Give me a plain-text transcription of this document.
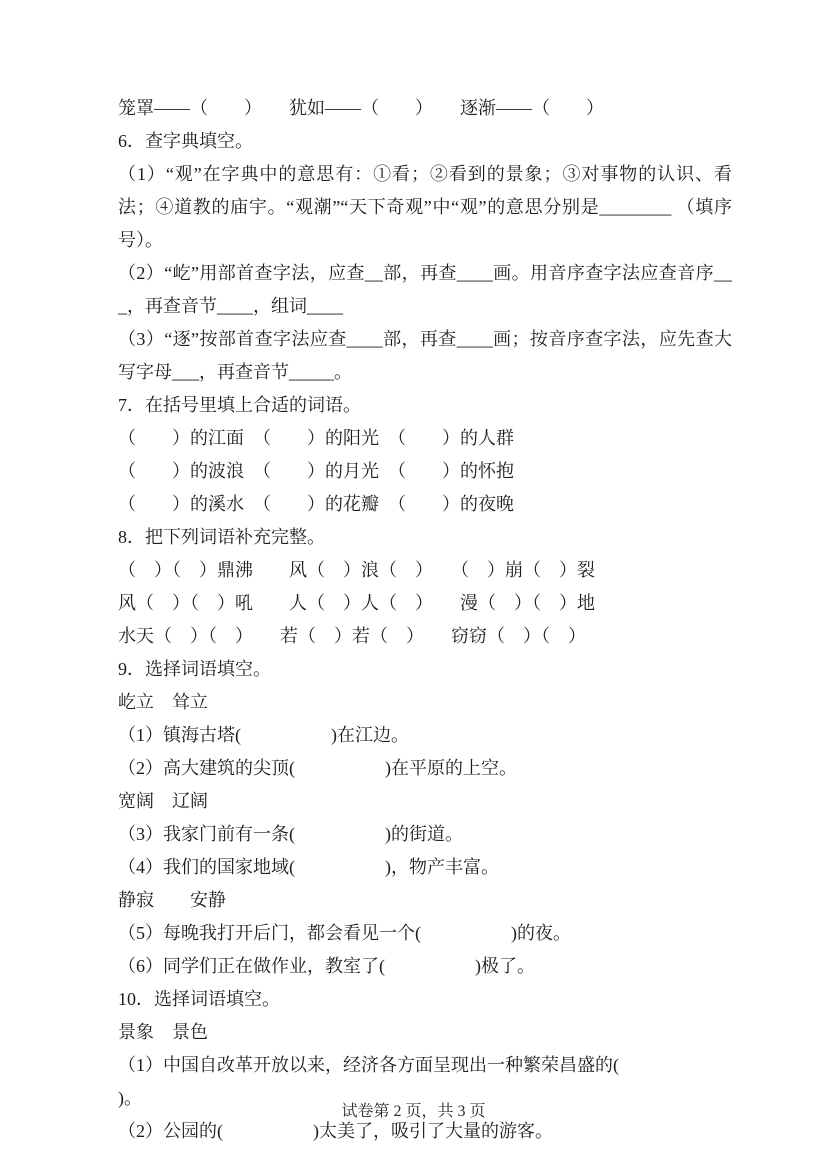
笼罩——（　　）　　犹如——（　　）　　逐渐——（　　）
6．查字典填空。

（1）“观”在字典中的意思有：①看；②看到的景象；③对事物的认识、看法；④道教的庙宇。“观潮”“天下奇观”中“观”的意思分别是________ （填序号）。

（2）“屹”用部首查字法，应查__部，再查____画。用音序查字法应查音序___，再查音节____，组词____

（3）“逐”按部首查字法应查____部，再查____画；按音序查字法，应先查大写字母___，再查音节_____。

7．在括号里填上合适的词语。
（　　）的江面　（　　）的阳光　（　　）的人群
（　　）的波浪　（　　）的月光　（　　）的怀抱
（　　）的溪水　（　　）的花瓣　（　　）的夜晚
8．把下列词语补充完整。
（　）（　）鼎沸　　风（　）浪（　）　　（　）崩（　）裂
风（　）（　）吼　　人（　）人（　）　　漫（　）（　）地
水天（　）（　）　　若（　）若（　）　　窃窃（　）（　）
9．选择词语填空。
屹立　耸立
（1）镇海古塔(　　　　　)在江边。
（2）高大建筑的尖顶(　　　　　)在平原的上空。
宽阔　辽阔
（3）我家门前有一条(　　　　　)的街道。
（4）我们的国家地域(　　　　　)，物产丰富。
静寂　　安静
（5）每晚我打开后门，都会看见一个(　　　　　)的夜。
（6）同学们正在做作业，教室了(　　　　　)极了。
10．选择词语填空。
景象　景色
（1）中国自改革开放以来，经济各方面呈现出一种繁荣昌盛的(　　　　　)。
（2）公园的(　　　　　)太美了，吸引了大量的游客。
试卷第 2 页，共 3 页
